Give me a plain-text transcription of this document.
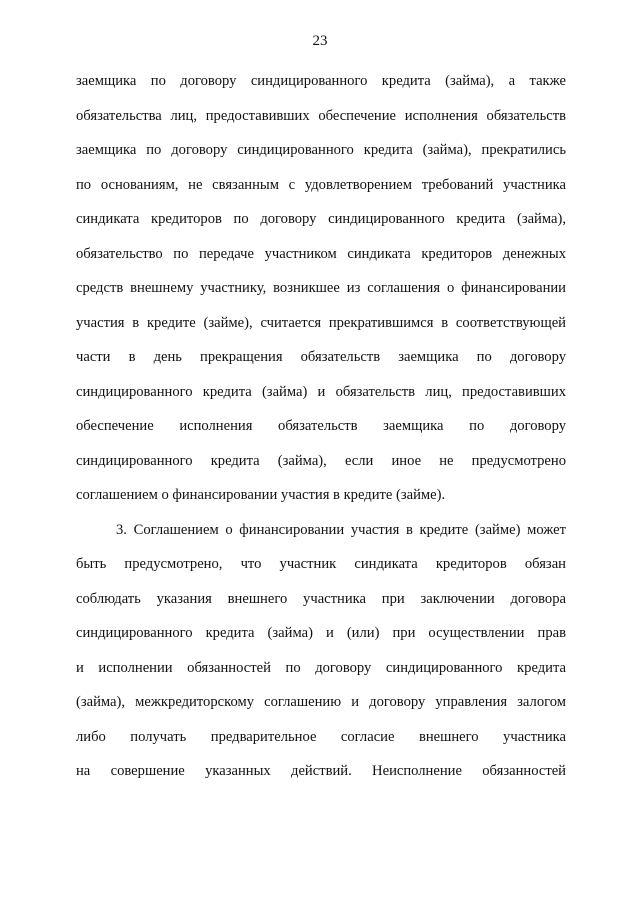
23
заемщика по договору синдицированного кредита (займа), а также
обязательства лиц, предоставивших обеспечение исполнения обязательств
заемщика по договору синдицированного кредита (займа), прекратились
по основаниям, не связанным с удовлетворением требований участника
синдиката кредиторов по договору синдицированного кредита (займа),
обязательство по передаче участником синдиката кредиторов денежных
средств внешнему участнику, возникшее из соглашения о финансировании
участия в кредите (займе), считается прекратившимся в соответствующей
части в день прекращения обязательств заемщика по договору
синдицированного кредита (займа) и обязательств лиц, предоставивших
обеспечение исполнения обязательств заемщика по договору
синдицированного кредита (займа), если иное не предусмотрено
соглашением о финансировании участия в кредите (займе).
3. Соглашением о финансировании участия в кредите (займе) может
быть предусмотрено, что участник синдиката кредиторов обязан
соблюдать указания внешнего участника при заключении договора
синдицированного кредита (займа) и (или) при осуществлении прав
и исполнении обязанностей по договору синдицированного кредита
(займа), межкредиторскому соглашению и договору управления залогом
либо получать предварительное согласие внешнего участника
на совершение указанных действий. Неисполнение обязанностей
